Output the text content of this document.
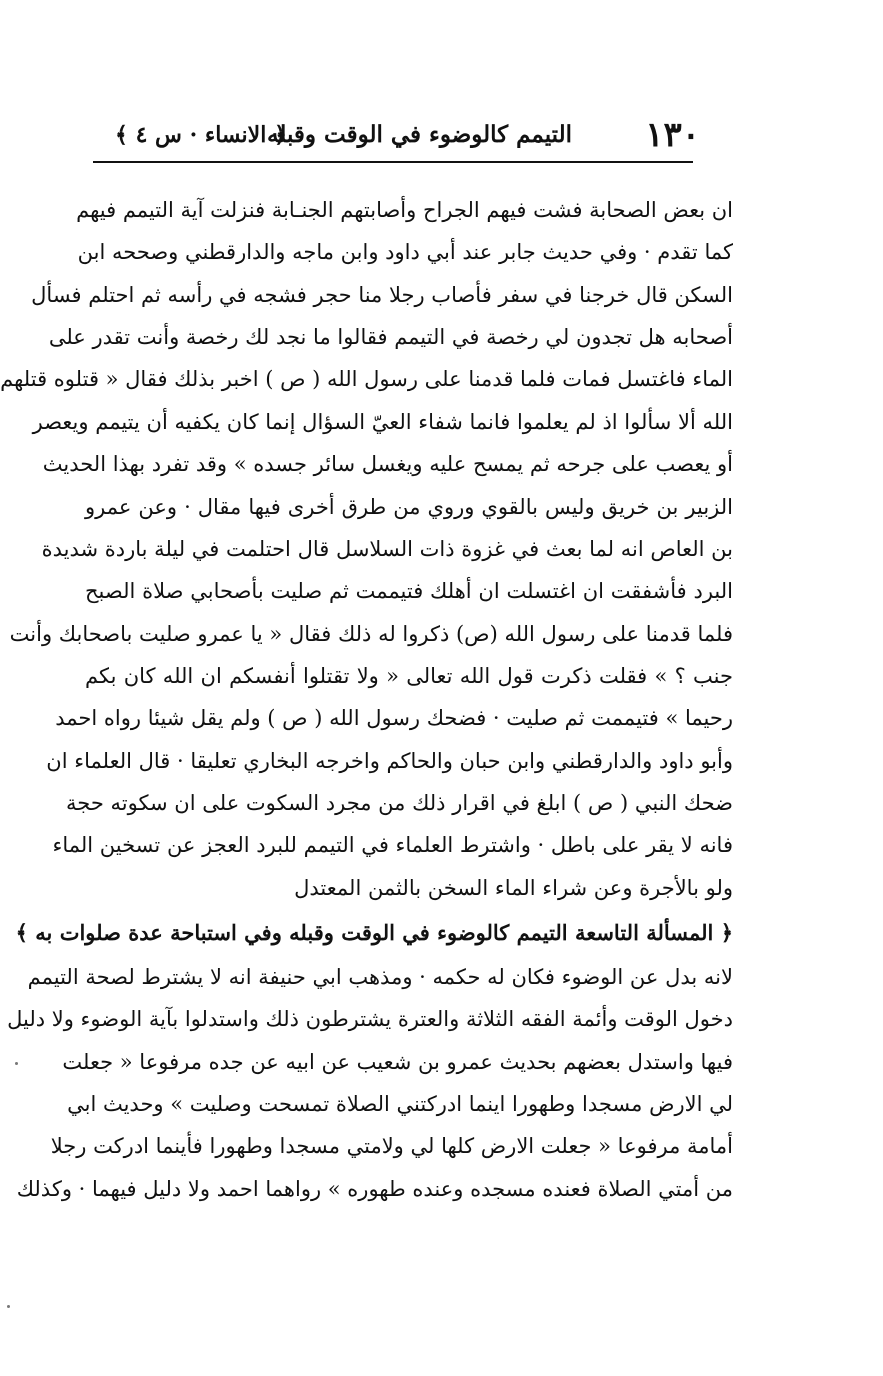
١٣٠
التيمم كالوضوء في الوقت وقبله
﴿ الانساء · س ٤ ﴾
ان بعض الصحابة فشت فيهم الجراح وأصابتهم الجنـابة فنزلت آية التيمم فيهم
كما تقدم · وفي حديث جابر عند أبي داود وابن ماجه والدارقطني وصححه ابن
السكن قال خرجنا في سفر فأصاب رجلا منا حجر فشجه في رأسه ثم احتلم فسأل
أصحابه هل تجدون لي رخصة في التيمم فقالوا ما نجد لك رخصة وأنت تقدر على
الماء فاغتسل فمات فلما قدمنا على رسول الله ( ص ) اخبر بذلك فقال « قتلوه قتلهم
الله ألا سألوا اذ لم يعلموا فانما شفاء العيّ السؤال إنما كان يكفيه أن يتيمم ويعصر
أو يعصب على جرحه ثم يمسح عليه ويغسل سائر جسده » وقد تفرد بهذا الحديث
الزبير بن خريق وليس بالقوي وروي من طرق أخرى فيها مقال · وعن عمرو
بن العاص انه لما بعث في غزوة ذات السلاسل قال احتلمت في ليلة باردة شديدة
البرد فأشفقت ان اغتسلت ان أهلك فتيممت ثم صليت بأصحابي صلاة الصبح
فلما قدمنا على رسول الله (ص) ذكروا له ذلك فقال « يا عمرو صليت باصحابك وأنت
جنب ؟ » فقلت ذكرت قول الله تعالى « ولا تقتلوا أنفسكم ان الله كان بكم
رحيما » فتيممت ثم صليت · فضحك رسول الله ( ص ) ولم يقل شيئا رواه احمد
وأبو داود والدارقطني وابن حبان والحاكم واخرجه البخاري تعليقا · قال العلماء ان
ضحك النبي ( ص ) ابلغ في اقرار ذلك من مجرد السكوت على ان سكوته حجة
فانه لا يقر على باطل · واشترط العلماء في التيمم للبرد العجز عن تسخين الماء
ولو بالأجرة وعن شراء الماء السخن بالثمن المعتدل
﴿ المسألة التاسعة التيمم كالوضوء في الوقت وقبله وفي استباحة عدة صلوات به ﴾
لانه بدل عن الوضوء فكان له حكمه · ومذهب ابي حنيفة انه لا يشترط لصحة التيمم
دخول الوقت وأئمة الفقه الثلاثة والعترة يشترطون ذلك واستدلوا بآية الوضوء ولا دليل
فيها واستدل بعضهم بحديث عمرو بن شعيب عن ابيه عن جده مرفوعا « جعلت
لي الارض مسجدا وطهورا اينما ادركتني الصلاة تمسحت وصليت » وحديث ابي
أمامة مرفوعا « جعلت الارض كلها لي ولامتي مسجدا وطهورا فأينما ادركت رجلا
من أمتي الصلاة فعنده مسجده وعنده طهوره » رواهما احمد ولا دليل فيهما · وكذلك
